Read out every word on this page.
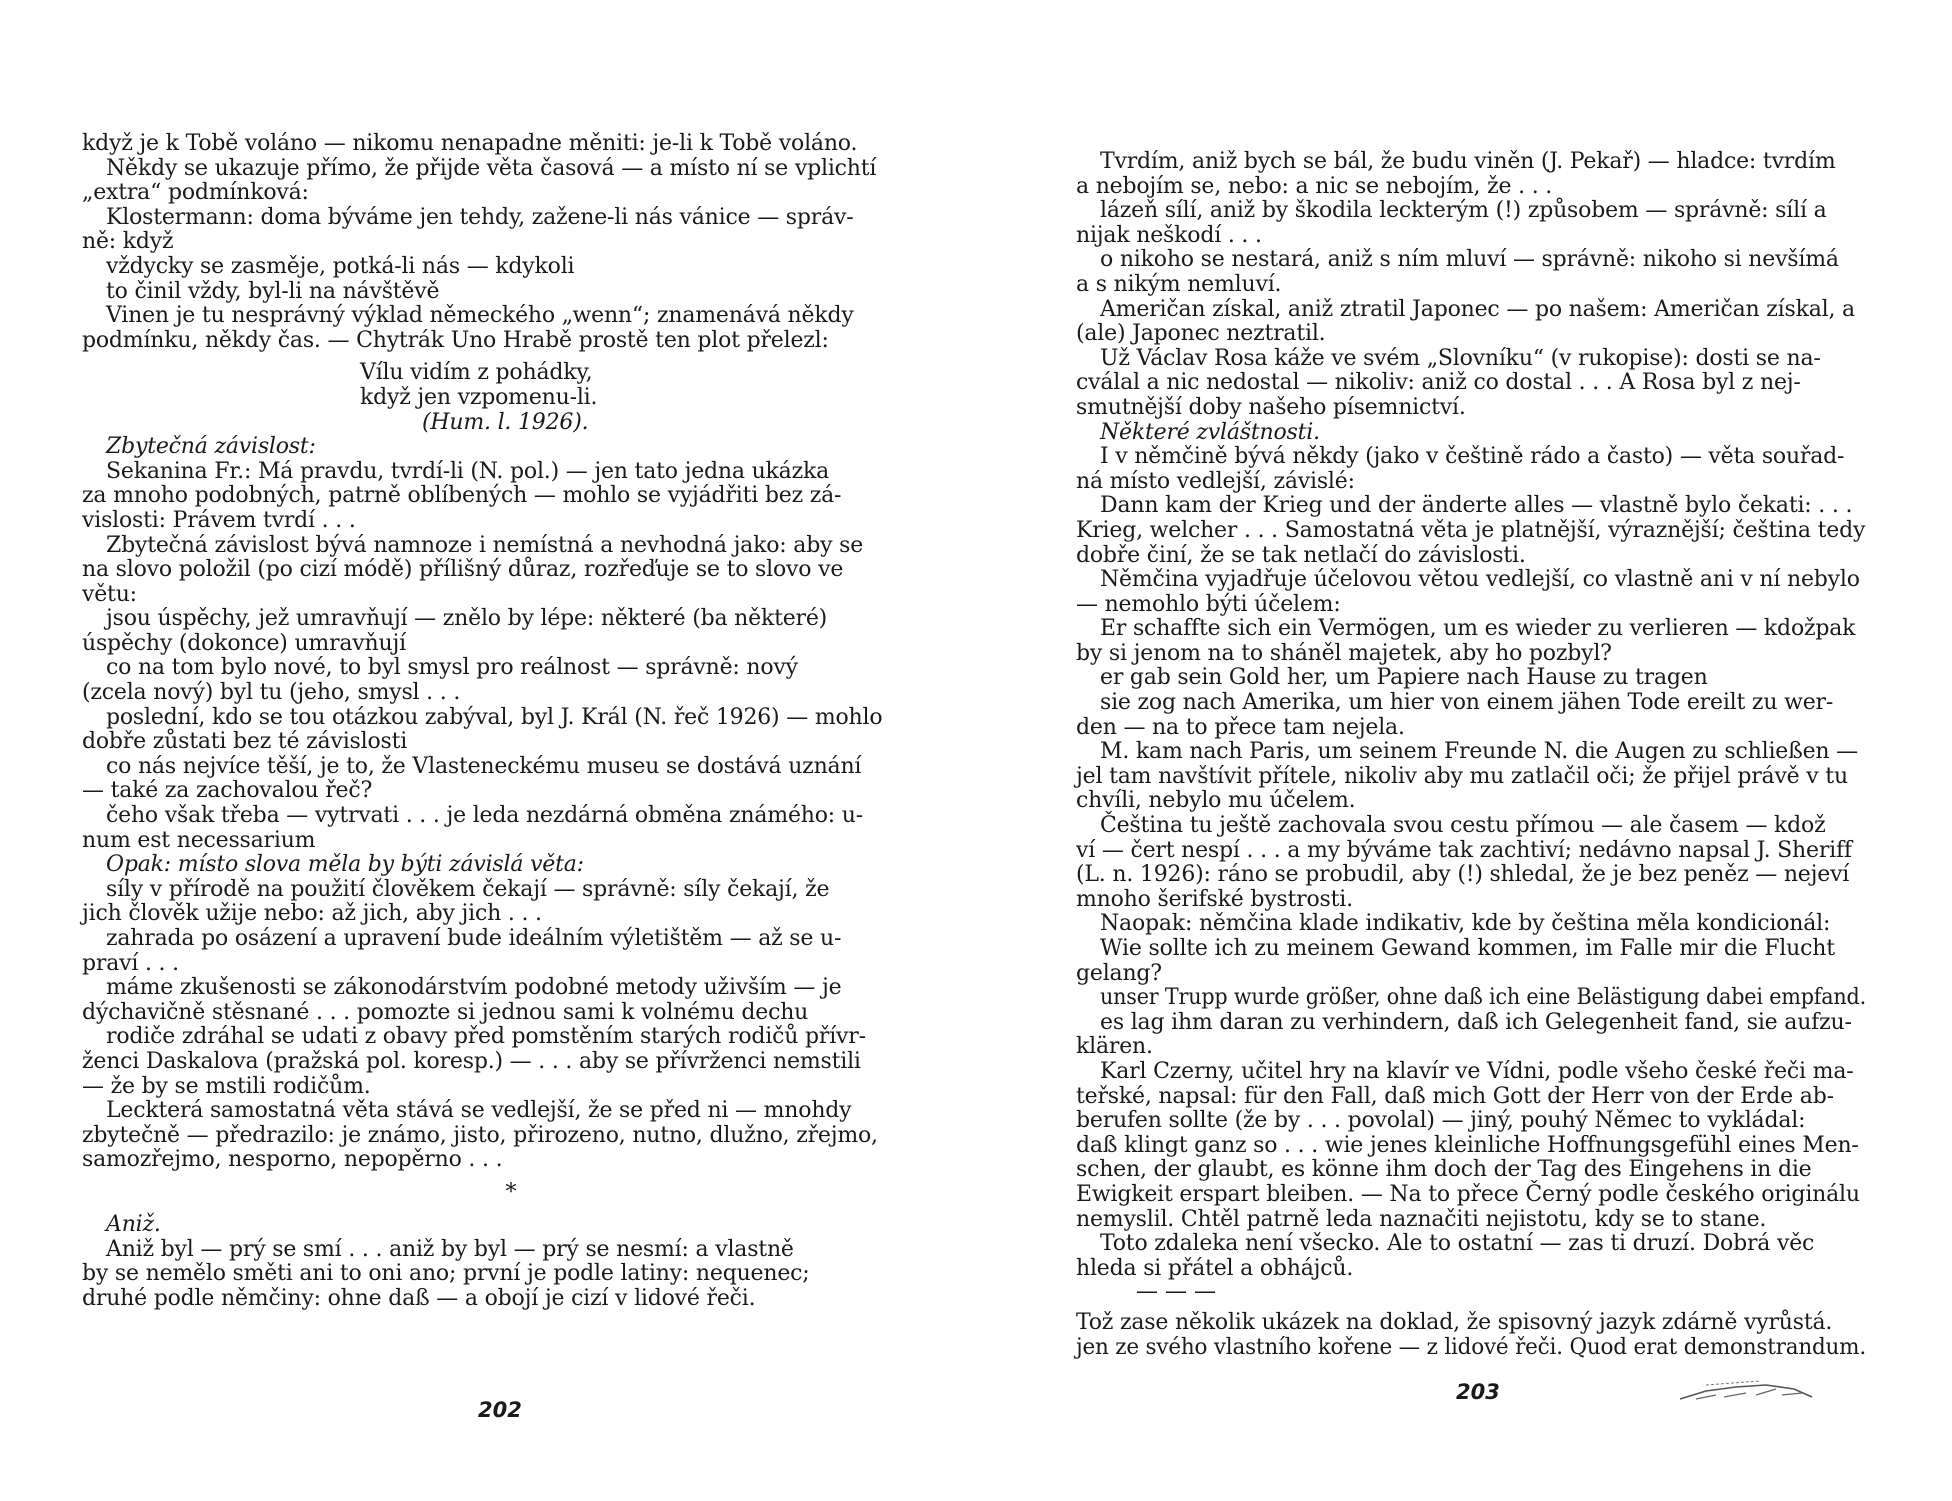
když je k Tobě voláno — nikomu nenapadne měniti: je-li k Tobě voláno.
Někdy se ukazuje přímo, že přijde věta časová — a místo ní se vplichtí
„extra“ podmínková:
Klostermann: doma býváme jen tehdy, zažene-li nás vánice — správ-
ně: když
vždycky se zasměje, potká-li nás — kdykoli
to činil vždy, byl-li na návštěvě
Vinen je tu nesprávný výklad německého „wenn“; znamenává někdy
podmínku, někdy čas. — Chytrák Uno Hrabě prostě ten plot přelezl:
Vílu vidím z pohádky,
když jen vzpomenu-li.
(Hum. l. 1926).
Zbytečná závislost:
Sekanina Fr.: Má pravdu, tvrdí-li (N. pol.) — jen tato jedna ukázka
za mnoho podobných, patrně oblíbených — mohlo se vyjádřiti bez zá-
vislosti: Právem tvrdí . . .
Zbytečná závislost bývá namnoze i nemístná a nevhodná jako: aby se
na slovo položil (po cizí módě) přílišný důraz, rozřeďuje se to slovo ve
větu:
jsou úspěchy, jež umravňují — znělo by lépe: některé (ba některé)
úspěchy (dokonce) umravňují
co na tom bylo nové, to byl smysl pro reálnost — správně: nový
(zcela nový) byl tu (jeho, smysl . . .
poslední, kdo se tou otázkou zabýval, byl J. Král (N. řeč 1926) — mohlo
dobře zůstati bez té závislosti
co nás nejvíce těší, je to, že Vlasteneckému museu se dostává uznání
— také za zachovalou řeč?
čeho však třeba — vytrvati . . . je leda nezdárná obměna známého: u-
num est necessarium
Opak: místo slova měla by býti závislá věta:
síly v přírodě na použití člověkem čekají — správně: síly čekají, že
jich člověk užije nebo: až jich, aby jich . . .
zahrada po osázení a upravení bude ideálním výletištěm — až se u-
praví . . .
máme zkušenosti se zákonodárstvím podobné metody uživším — je
dýchavičně stěsnané . . . pomozte si jednou sami k volnému dechu
rodiče zdráhal se udati z obavy před pomstěním starých rodičů přívr-
ženci Daskalova (pražská pol. koresp.) — . . . aby se přívrženci nemstili
— že by se mstili rodičům.
Leckterá samostatná věta stává se vedlejší, že se před ni — mnohdy
zbytečně — předrazilo: je známo, jisto, přirozeno, nutno, dlužno, zřejmo,
samozřejmo, nesporno, nepopěrno . . .
*
Aniž.
Aniž byl — prý se smí . . . aniž by byl — prý se nesmí: a vlastně
by se nemělo směti ani to oni ano; první je podle latiny: nequenec;
druhé podle němčiny: ohne daß — a obojí je cizí v lidové řeči.
202
Tvrdím, aniž bych se bál, že budu viněn (J. Pekař) — hladce: tvrdím
a nebojím se, nebo: a nic se nebojím, že . . .
lázeň sílí, aniž by škodila leckterým (!) způsobem — správně: sílí a
nijak neškodí . . .
o nikoho se nestará, aniž s ním mluví — správně: nikoho si nevšímá
a s nikým nemluví.
Američan získal, aniž ztratil Japonec — po našem: Američan získal, a
(ale) Japonec neztratil.
Už Václav Rosa káže ve svém „Slovníku“ (v rukopise): dosti se na-
cválal a nic nedostal — nikoliv: aniž co dostal . . . A Rosa byl z nej-
smutnější doby našeho písemnictví.
Některé zvláštnosti.
I v němčině bývá někdy (jako v češtině rádo a často) — věta souřad-
ná místo vedlejší, závislé:
Dann kam der Krieg und der änderte alles — vlastně bylo čekati: . . .
Krieg, welcher . . . Samostatná věta je platnější, výraznější; čeština tedy
dobře činí, že se tak netlačí do závislosti.
Němčina vyjadřuje účelovou větou vedlejší, co vlastně ani v ní nebylo
— nemohlo býti účelem:
Er schaffte sich ein Vermögen, um es wieder zu verlieren — kdožpak
by si jenom na to sháněl majetek, aby ho pozbyl?
er gab sein Gold her, um Papiere nach Hause zu tragen
sie zog nach Amerika, um hier von einem jähen Tode ereilt zu wer-
den — na to přece tam nejela.
M. kam nach Paris, um seinem Freunde N. die Augen zu schließen —
jel tam navštívit přítele, nikoliv aby mu zatlačil oči; že přijel právě v tu
chvíli, nebylo mu účelem.
Čeština tu ještě zachovala svou cestu přímou — ale časem — kdož
ví — čert nespí . . . a my býváme tak zachtiví; nedávno napsal J. Sheriff
(L. n. 1926): ráno se probudil, aby (!) shledal, že je bez peněz — nejeví
mnoho šerifské bystrosti.
Naopak: němčina klade indikativ, kde by čeština měla kondicionál:
Wie sollte ich zu meinem Gewand kommen, im Falle mir die Flucht
gelang?
unser Trupp wurde größer, ohne daß ich eine Belästigung dabei empfand.
es lag ihm daran zu verhindern, daß ich Gelegenheit fand, sie aufzu-
klären.
Karl Czerny, učitel hry na klavír ve Vídni, podle všeho české řeči ma-
teřské, napsal: für den Fall, daß mich Gott der Herr von der Erde ab-
berufen sollte (že by . . . povolal) — jiný, pouhý Němec to vykládal:
daß klingt ganz so . . . wie jenes kleinliche Hoffnungsgefühl eines Men-
schen, der glaubt, es könne ihm doch der Tag des Eingehens in die
Ewigkeit erspart bleiben. — Na to přece Černý podle českého originálu
nemyslil. Chtěl patrně leda naznačiti nejistotu, kdy se to stane.
Toto zdaleka není všecko. Ale to ostatní — zas ti druzí. Dobrá věc
hleda si přátel a obhájců.
— — —
Tož zase několik ukázek na doklad, že spisovný jazyk zdárně vyrůstá.
jen ze svého vlastního kořene — z lidové řeči. Quod erat demonstrandum.
203
